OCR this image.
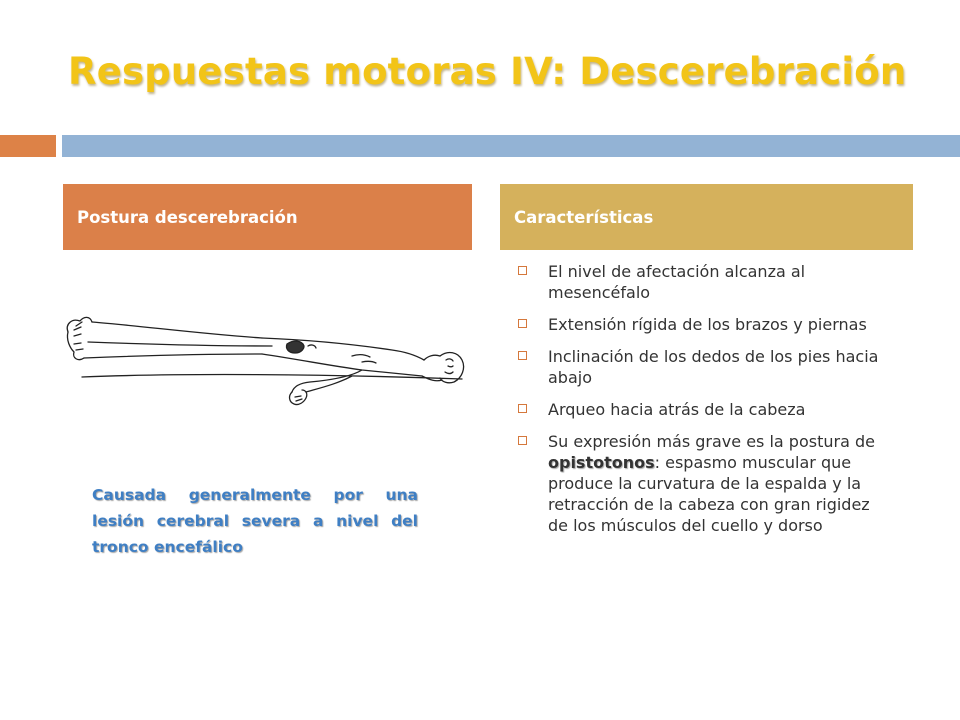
Respuestas motoras IV: Descerebración
Postura descerebración	Características
Causada generalmente por una lesión cerebral severa a nivel del tronco encefálico
El nivel de afectación alcanza al mesencéfalo
Extensión rígida de los brazos y piernas
Inclinación de los dedos de los pies hacia abajo
Arqueo hacia atrás de la cabeza
Su expresión más grave es la postura de opistotonos: espasmo muscular que produce la curvatura de la espalda y la retracción de la cabeza con gran rigidez de los músculos del cuello y dorso
